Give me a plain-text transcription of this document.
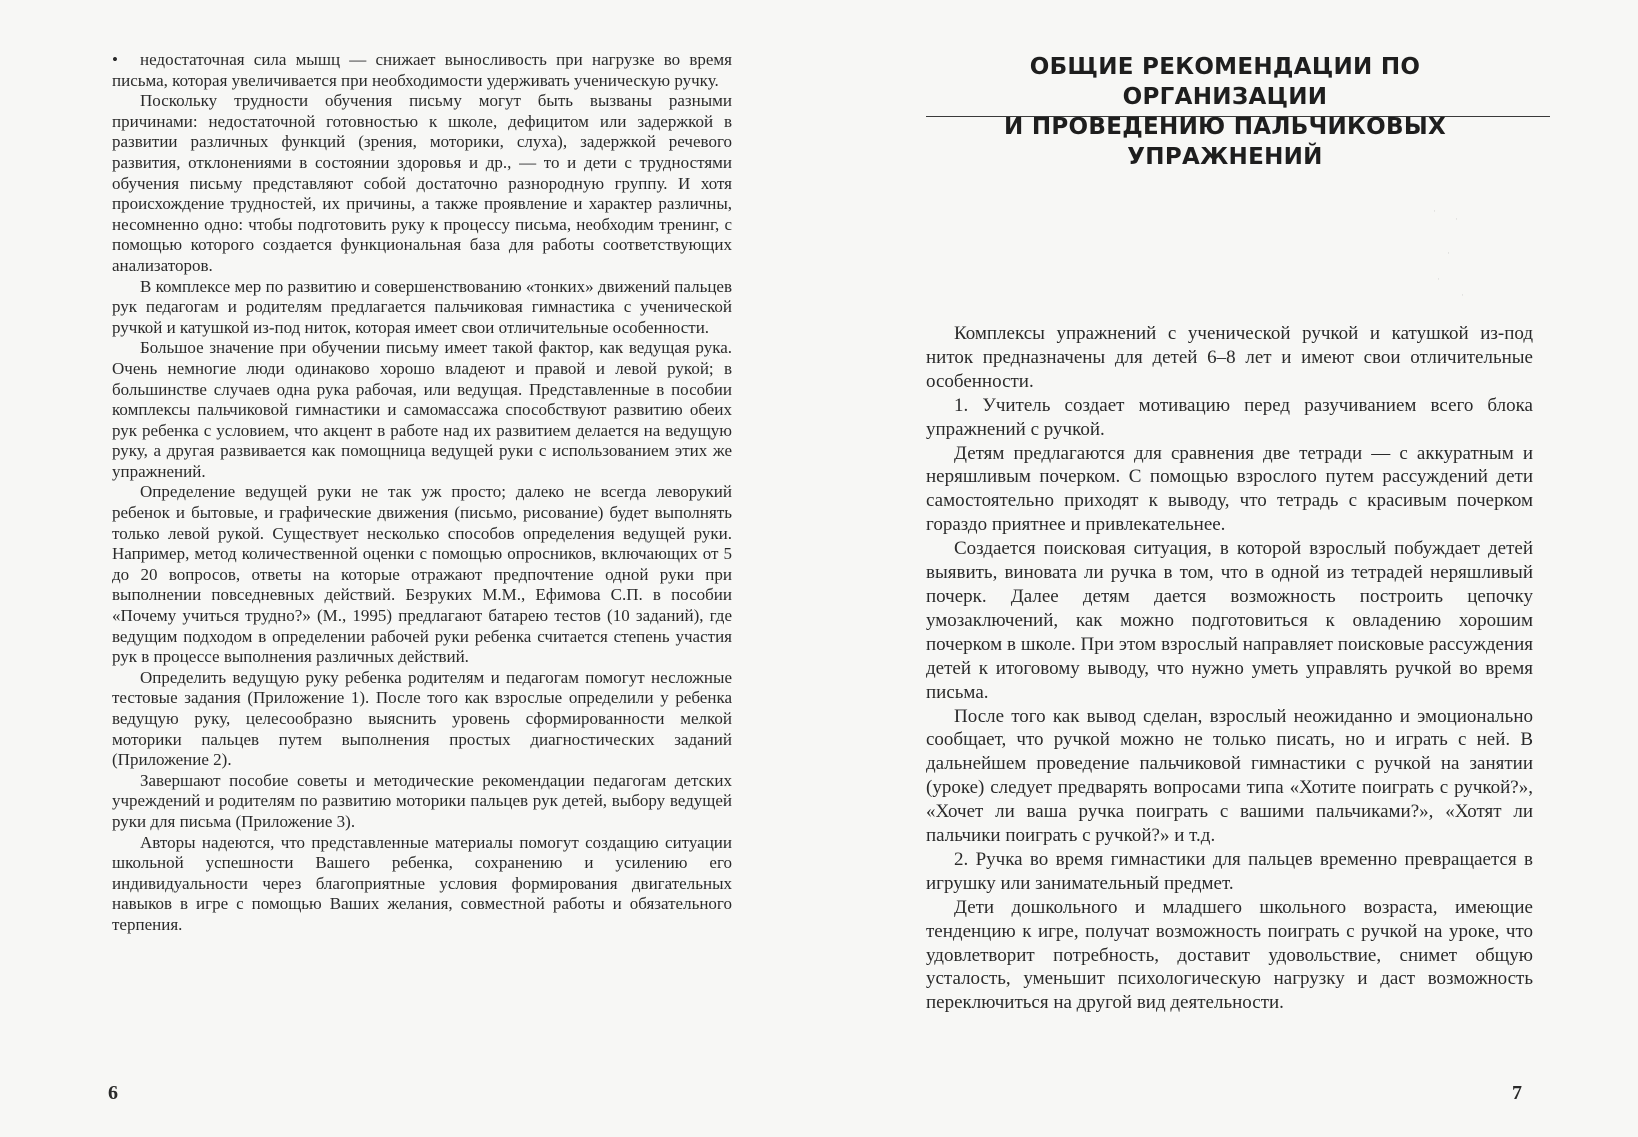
• недостаточная сила мышц — снижает выносливость при нагрузке во время письма, которая увеличивается при необходимости удерживать ученическую ручку.

Поскольку трудности обучения письму могут быть вызваны разными причинами: недостаточной готовностью к школе, дефицитом или задержкой в развитии различных функций (зрения, моторики, слуха), задержкой речевого развития, отклонениями в состоянии здоровья и др., — то и дети с трудностями обучения письму представляют собой достаточно разнородную группу. И хотя происхождение трудностей, их причины, а также проявление и характер различны, несомненно одно: чтобы подготовить руку к процессу письма, необходим тренинг, с помощью которого создается функциональная база для работы соответствующих анализаторов.

В комплексе мер по развитию и совершенствованию «тонких» движений пальцев рук педагогам и родителям предлагается пальчиковая гимнастика с ученической ручкой и катушкой из-под ниток, которая имеет свои отличительные особенности.

Большое значение при обучении письму имеет такой фактор, как ведущая рука. Очень немногие люди одинаково хорошо владеют и правой и левой рукой; в большинстве случаев одна рука рабочая, или ведущая. Представленные в пособии комплексы пальчиковой гимнастики и самомассажа способствуют развитию обеих рук ребенка с условием, что акцент в работе над их развитием делается на ведущую руку, а другая развивается как помощница ведущей руки с использованием этих же упражнений.

Определение ведущей руки не так уж просто; далеко не всегда леворукий ребенок и бытовые, и графические движения (письмо, рисование) будет выполнять только левой рукой. Существует несколько способов определения ведущей руки. Например, метод количественной оценки с помощью опросников, включающих от 5 до 20 вопросов, ответы на которые отражают предпочтение одной руки при выполнении повседневных действий. Безруких М.М., Ефимова С.П. в пособии «Почему учиться трудно?» (М., 1995) предлагают батарею тестов (10 заданий), где ведущим подходом в определении рабочей руки ребенка считается степень участия рук в процессе выполнения различных действий.

Определить ведущую руку ребенка родителям и педагогам помогут несложные тестовые задания (Приложение 1). После того как взрослые определили у ребенка ведущую руку, целесообразно выяснить уровень сформированности мелкой моторики пальцев путем выполнения простых диагностических заданий (Приложение 2).

Завершают пособие советы и методические рекомендации педагогам детских учреждений и родителям по развитию моторики пальцев рук детей, выбору ведущей руки для письма (Приложение 3).

Авторы надеются, что представленные материалы помогут создащию ситуации школьной успешности Вашего ребенка, сохранению и усилению его индивидуальности через благоприятные условия формирования двигательных навыков в игре с помощью Ваших желания, совместной работы и обязательного терпения.

6

ОБЩИЕ РЕКОМЕНДАЦИИ ПО ОРГАНИЗАЦИИ
И ПРОВЕДЕНИЮ ПАЛЬЧИКОВЫХ УПРАЖНЕНИЙ
·
·
·
·
·

Комплексы упражнений с ученической ручкой и катушкой из-под ниток предназначены для детей 6–8 лет и имеют свои отличительные особенности.

1. Учитель создает мотивацию перед разучиванием всего блока упражнений с ручкой.

Детям предлагаются для сравнения две тетради — с аккуратным и неряшливым почерком. С помощью взрослого путем рассуждений дети самостоятельно приходят к выводу, что тетрадь с красивым почерком гораздо приятнее и привлекательнее.

Создается поисковая ситуация, в которой взрослый побуждает детей выявить, виновата ли ручка в том, что в одной из тетрадей неряшливый почерк. Далее детям дается возможность построить цепочку умозаключений, как можно подготовиться к овладению хорошим почерком в школе. При этом взрослый направляет поисковые рассуждения детей к итоговому выводу, что нужно уметь управлять ручкой во время письма.

После того как вывод сделан, взрослый неожиданно и эмоционально сообщает, что ручкой можно не только писать, но и играть с ней. В дальнейшем проведение пальчиковой гимнастики с ручкой на занятии (уроке) следует предварять вопросами типа «Хотите поиграть с ручкой?», «Хочет ли ваша ручка поиграть с вашими пальчиками?», «Хотят ли пальчики поиграть с ручкой?» и т.д.

2. Ручка во время гимнастики для пальцев временно превращается в игрушку или занимательный предмет.

Дети дошкольного и младшего школьного возраста, имеющие тенденцию к игре, получат возможность поиграть с ручкой на уроке, что удовлетворит потребность, доставит удовольствие, снимет общую усталость, уменьшит психологическую нагрузку и даст возможность переключиться на другой вид деятельности.

7
